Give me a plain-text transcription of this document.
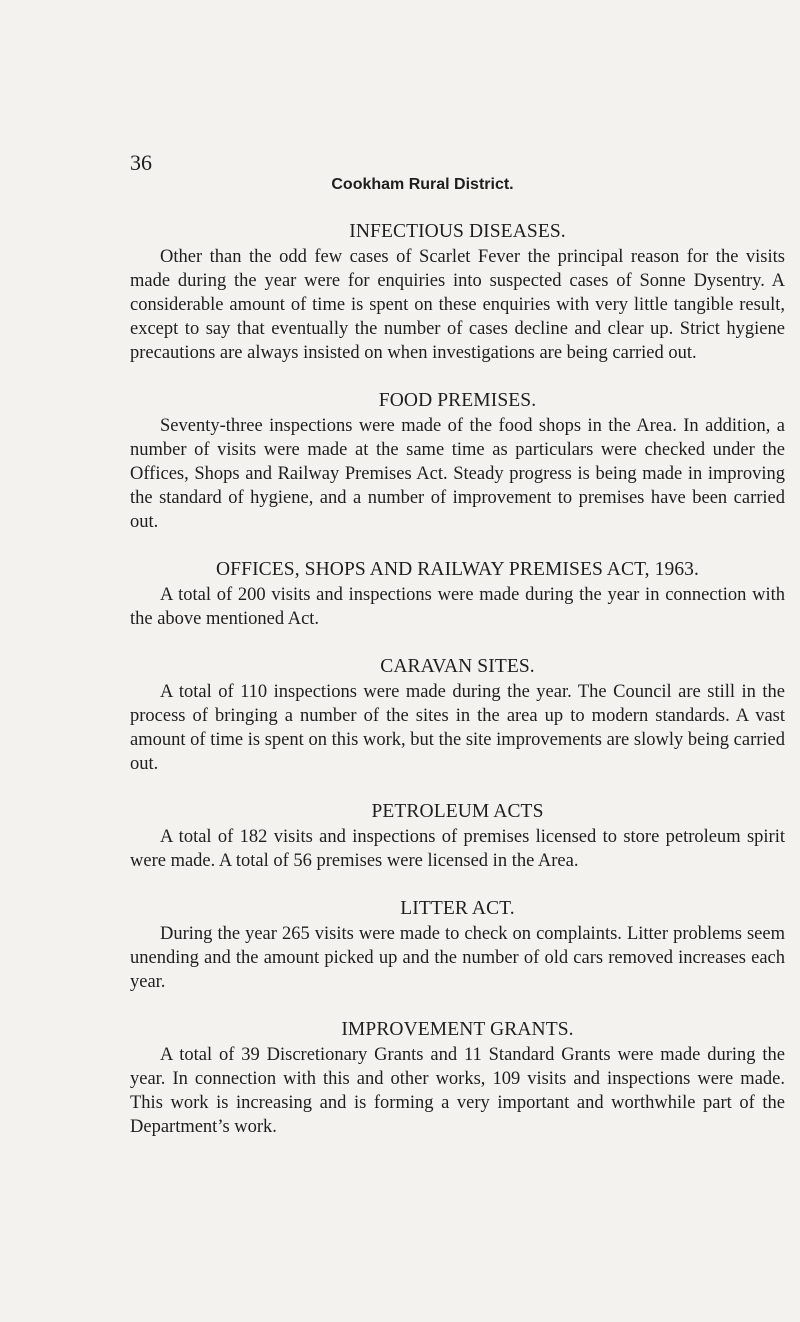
36
Cookham Rural District.

INFECTIOUS DISEASES.

Other than the odd few cases of Scarlet Fever the principal reason for the visits made during the year were for enquiries into suspected cases of Sonne Dysentry. A considerable amount of time is spent on these enquiries with very little tangible result, except to say that eventually the number of cases decline and clear up. Strict hygiene precautions are always insisted on when investigations are being carried out.

FOOD PREMISES.

Seventy-three inspections were made of the food shops in the Area. In addition, a number of visits were made at the same time as particulars were checked under the Offices, Shops and Railway Premises Act. Steady progress is being made in improving the standard of hygiene, and a number of improvement to premises have been carried out.

OFFICES, SHOPS AND RAILWAY PREMISES ACT, 1963.

A total of 200 visits and inspections were made during the year in connection with the above mentioned Act.

CARAVAN SITES.

A total of 110 inspections were made during the year. The Council are still in the process of bringing a number of the sites in the area up to modern standards. A vast amount of time is spent on this work, but the site improvements are slowly being carried out.

PETROLEUM ACTS

A total of 182 visits and inspections of premises licensed to store petroleum spirit were made. A total of 56 premises were licensed in the Area.

LITTER ACT.

During the year 265 visits were made to check on complaints. Litter problems seem unending and the amount picked up and the number of old cars removed increases each year.

IMPROVEMENT GRANTS.

A total of 39 Discretionary Grants and 11 Standard Grants were made during the year. In connection with this and other works, 109 visits and inspections were made. This work is increasing and is forming a very important and worthwhile part of the Department’s work.
